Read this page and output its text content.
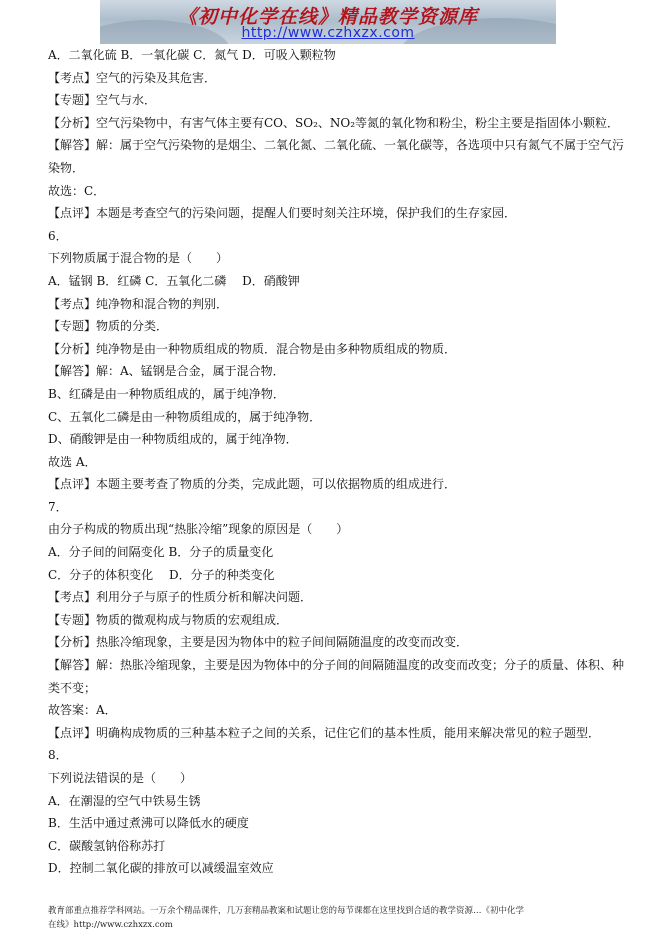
《初中化学在线》精品教学资源库
http://www.czhxzx.com
A．二氧化硫 B．一氧化碳 C．氮气 D．可吸入颗粒物
【考点】空气的污染及其危害．
【专题】空气与水．
【分析】空气污染物中，有害气体主要有CO、SO₂、NO₂等氮的氧化物和粉尘，粉尘主要是指固体小颗粒．
【解答】解：属于空气污染物的是烟尘、二氧化氮、二氧化硫、一氧化碳等，各选项中只有氮气不属于空气污
染物．
故选：C．
【点评】本题是考查空气的污染问题，提醒人们要时刻关注环境，保护我们的生存家园．
6．
下列物质属于混合物的是（　　）
A．锰钢 B．红磷 C．五氧化二磷　 D．硝酸钾
【考点】纯净物和混合物的判别．
【专题】物质的分类．
【分析】纯净物是由一种物质组成的物质．混合物是由多种物质组成的物质．
【解答】解：A、锰钢是合金，属于混合物．
B、红磷是由一种物质组成的，属于纯净物．
C、五氧化二磷是由一种物质组成的，属于纯净物．
D、硝酸钾是由一种物质组成的，属于纯净物．
故选 A．
【点评】本题主要考查了物质的分类，完成此题，可以依据物质的组成进行．
7．
由分子构成的物质出现“热胀冷缩”现象的原因是（　　）
A．分子间的间隔变化 B．分子的质量变化
C．分子的体积变化　 D．分子的种类变化
【考点】利用分子与原子的性质分析和解决问题．
【专题】物质的微观构成与物质的宏观组成．
【分析】热胀冷缩现象，主要是因为物体中的粒子间间隔随温度的改变而改变．
【解答】解：热胀冷缩现象，主要是因为物体中的分子间的间隔随温度的改变而改变；分子的质量、体积、种
类不变；
故答案：A．
【点评】明确构成物质的三种基本粒子之间的关系，记住它们的基本性质，能用来解决常见的粒子题型．
8．
下列说法错误的是（　　）
A．在潮湿的空气中铁易生锈
B．生活中通过煮沸可以降低水的硬度
C．碳酸氢钠俗称苏打
D．控制二氧化碳的排放可以减缓温室效应
教育部重点推荐学科网站。一万余个精品课件，几万套精品教案和试题让您的每节课都在这里找到合适的教学资源…《初中化学
在线》http://www.czhxzx.com
